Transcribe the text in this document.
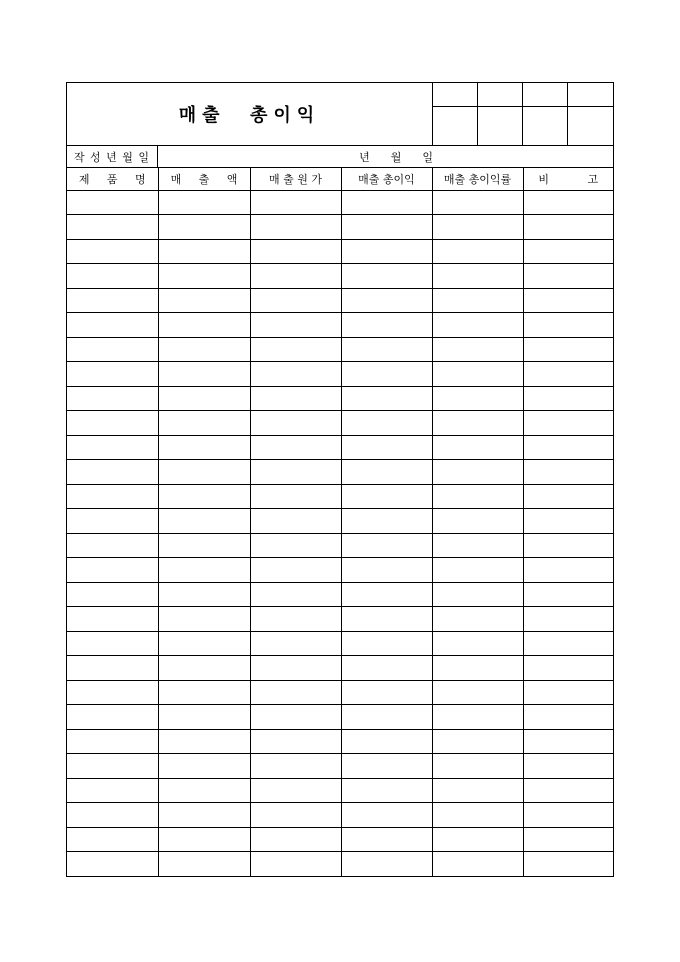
매출  총이익
작 성 년 월 일	년      월      일
제     품     명	매     출     액	매 출 원 가	매출 총이익	매출 총이익률	비           고
